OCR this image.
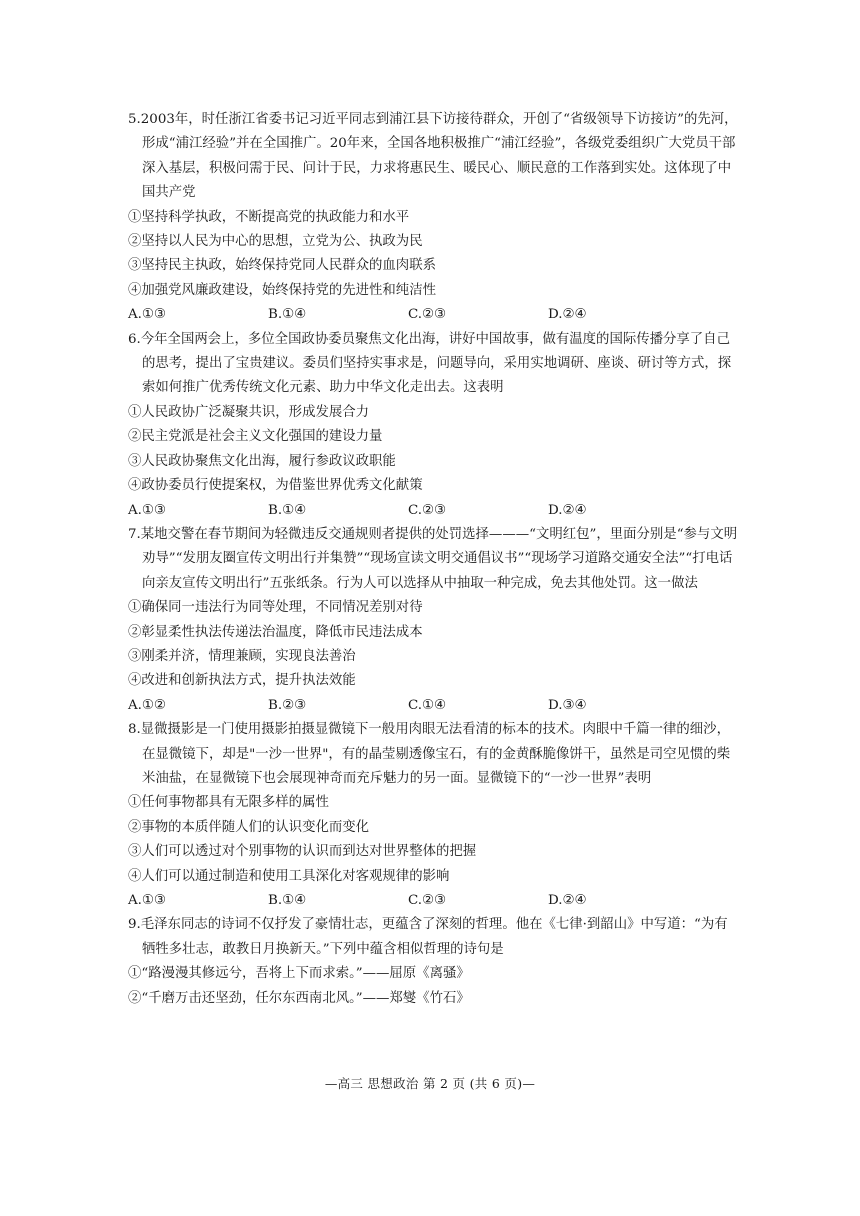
5.2003年，时任浙江省委书记习近平同志到浦江县下访接待群众，开创了“省级领导下访接访”的先河，形成“浦江经验”并在全国推广。20年来，全国各地积极推广“浦江经验”，各级党委组织广大党员干部深入基层，积极问需于民、问计于民，力求将惠民生、暖民心、顺民意的工作落到实处。这体现了中国共产党

①坚持科学执政，不断提高党的执政能力和水平

②坚持以人民为中心的思想，立党为公、执政为民

③坚持民主执政，始终保持党同人民群众的血肉联系

④加强党风廉政建设，始终保持党的先进性和纯洁性

A.①③	B.①④	C.②③	D.②④

6.今年全国两会上，多位全国政协委员聚焦文化出海，讲好中国故事，做有温度的国际传播分享了自己的思考，提出了宝贵建议。委员们坚持实事求是，问题导向，采用实地调研、座谈、研讨等方式，探索如何推广优秀传统文化元素、助力中华文化走出去。这表明

①人民政协广泛凝聚共识，形成发展合力

②民主党派是社会主义文化强国的建设力量

③人民政协聚焦文化出海，履行参政议政职能

④政协委员行使提案权，为借鉴世界优秀文化献策

A.①③	B.①④	C.②③	D.②④

7.某地交警在春节期间为轻微违反交通规则者提供的处罚选择———“文明红包”，里面分别是“参与文明劝导”“发朋友圈宣传文明出行并集赞”“现场宣读文明交通倡议书”“现场学习道路交通安全法”“打电话向亲友宣传文明出行”五张纸条。行为人可以选择从中抽取一种完成，免去其他处罚。这一做法

①确保同一违法行为同等处理，不同情况差别对待

②彰显柔性执法传递法治温度，降低市民违法成本

③刚柔并济，情理兼顾，实现良法善治

④改进和创新执法方式，提升执法效能

A.①②	B.②③	C.①④	D.③④

8.显微摄影是一门使用摄影拍摄显微镜下一般用肉眼无法看清的标本的技术。肉眼中千篇一律的细沙，在显微镜下，却是"一沙一世界"，有的晶莹剔透像宝石，有的金黄酥脆像饼干，虽然是司空见惯的柴米油盐，在显微镜下也会展现神奇而充斥魅力的另一面。显微镜下的“一沙一世界”表明

①任何事物都具有无限多样的属性

②事物的本质伴随人们的认识变化而变化

③人们可以透过对个别事物的认识而到达对世界整体的把握

④人们可以通过制造和使用工具深化对客观规律的影响

A.①③	B.①④	C.②③	D.②④

9.毛泽东同志的诗词不仅抒发了豪情壮志，更蕴含了深刻的哲理。他在《七律·到韶山》中写道：“为有牺牲多壮志，敢教日月换新天。”下列中蕴含相似哲理的诗句是

①“路漫漫其修远兮，吾将上下而求索。”——屈原《离骚》

②“千磨万击还坚劲，任尔东西南北风。”——郑燮《竹石》

—高三 思想政治 第 2 页 (共 6 页)—
